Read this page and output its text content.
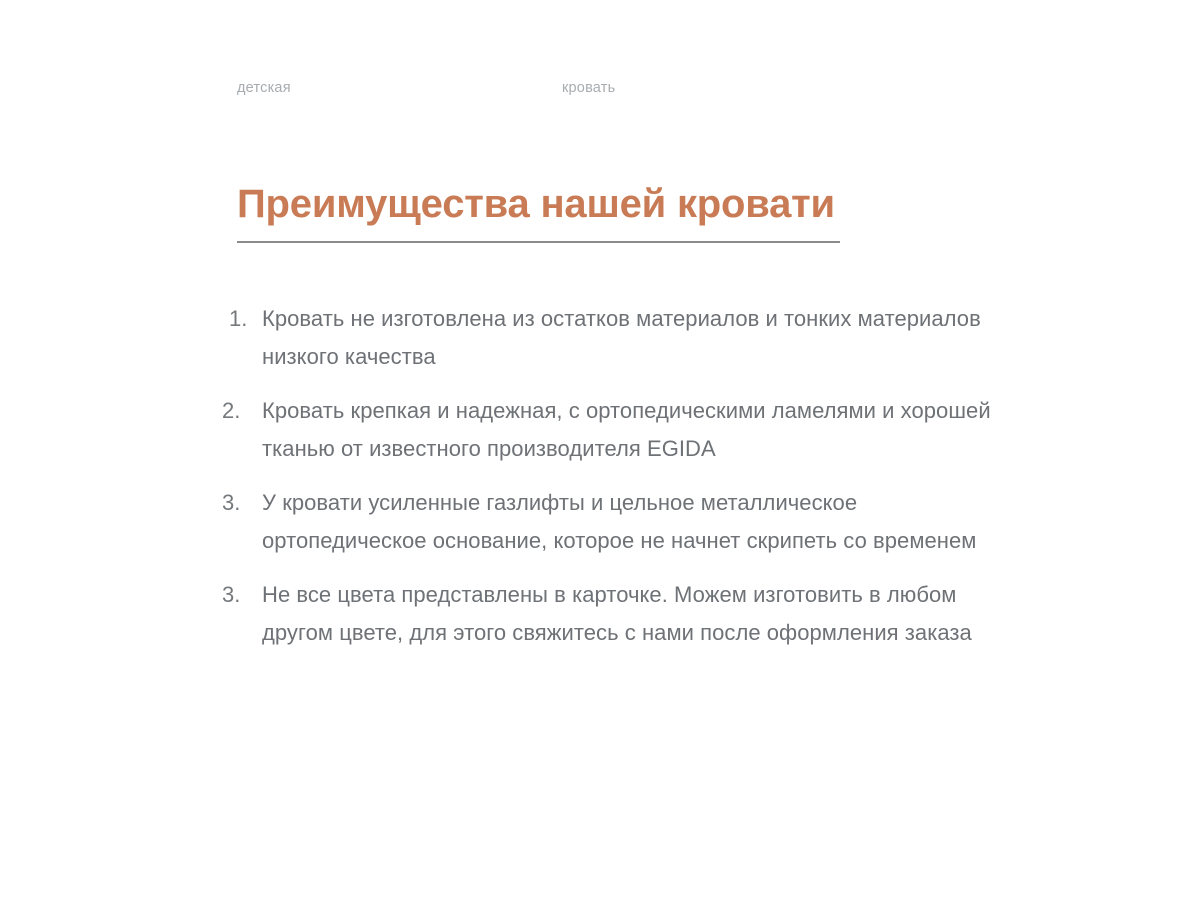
детская	кровать
Преимущества нашей кровати
1. Кровать не изготовлена из остатков материалов и тонких материалов низкого качества
2. Кровать крепкая и надежная, с ортопедическими ламелями и хорошей тканью от известного производителя EGIDA
3. У кровати усиленные газлифты и цельное металлическое ортопедическое основание, которое не начнет скрипеть со временем
3. Не все цвета представлены в карточке. Можем изготовить в любом другом цвете, для этого свяжитесь с нами после оформления заказа
